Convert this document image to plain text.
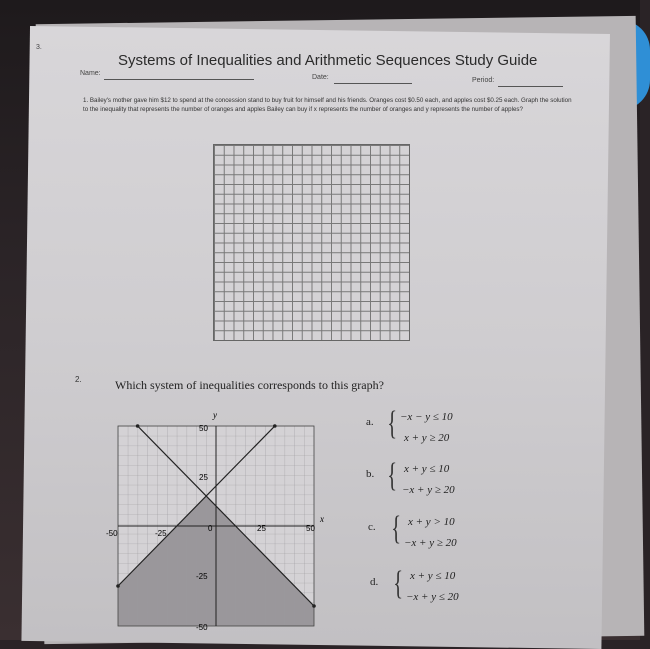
3.
Systems of Inequalities and Arithmetic Sequences Study Guide
Name:
Date:	Period:
1. Bailey's mother gave him $12 to spend at the concession stand to buy fruit for himself and his friends. Oranges cost $0.50 each, and apples cost $0.25 each. Graph the solution to the inequality that represents the number of oranges and apples Bailey can buy if x represents the number of oranges and y represents the number of apples?
2.	Which system of inequalities corresponds to this graph?
y
x
50
25
-25
-50
-50	-25
0	25	50
a. { −x − y ≤ 10
x + y ≥ 20
b. { x + y ≤ 10
−x + y ≥ 20
c. { x + y > 10
−x + y ≥ 20
d. { x + y ≤ 10
−x + y ≤ 20
